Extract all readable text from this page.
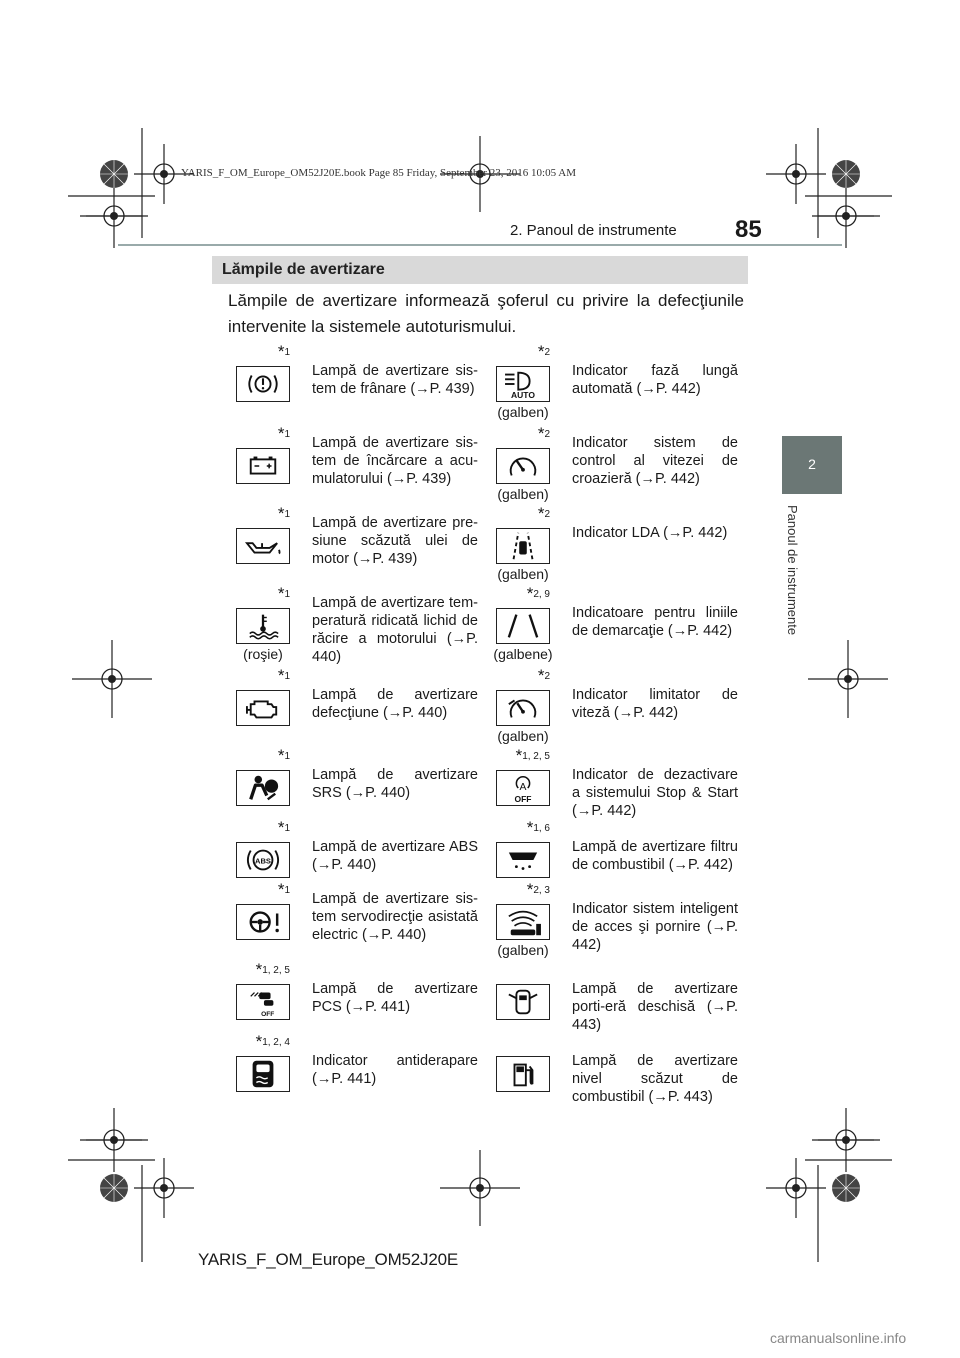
YARIS_F_OM_Europe_OM52J20E.book Page 85 Friday, September 23, 2016 10:05 AM
2. Panoul de instrumente 85
2
Panoul de instrumente
Lămpile de avertizare
Lămpile de avertizare informează şoferul cu privire la defecţiunile intervenite la sistemele autoturismului.
$*_1$
Lampă de avertizare sis-tem de frânare (→P. 439)
$*_1$
Lampă de avertizare sis-tem de încărcare a acu-mulatorului (→P. 439)
$*_1$
Lampă de avertizare pre-siune scăzută ulei de motor (→P. 439)
$*_1$
(roşie)
Lampă de avertizare tem-peratură ridicată lichid de răcire a motorului (→P. 440)
$*_1$
Lampă de avertizare defecţiune (→P. 440)
$*_1$
Lampă de avertizare SRS (→P. 440)
ABS
$*_1$
Lampă de avertizare ABS (→P. 440)
$*_1$
Lampă de avertizare sis-tem servodirecţie asistată electric (→P. 440)
OFF
$*_{1, 2, 5}$
Lampă de avertizare PCS (→P. 441)
$*_{1, 2, 4}$
Indicator antiderapare (→P. 441)
AUTO
$*_2$
(galben)
Indicator fază lungă automată (→P. 442)
$*_2$
(galben)
Indicator sistem de control al vitezei de croazieră (→P. 442)
$*_2$
(galben)
Indicator LDA (→P. 442)
$*_{2, 9}$
(galbene)
Indicatoare pentru liniile de demarcaţie (→P. 442)
$*_2$
(galben)
Indicator limitator de viteză (→P. 442)
A
OFF
$*_{1, 2, 5}$
Indicator de dezactivare a sistemului Stop & Start (→P. 442)
$*_{1, 6}$
Lampă de avertizare filtru de combustibil (→P. 442)
$*_{2, 3}$
(galben)
Indicator sistem inteligent de acces şi pornire (→P. 442)
Lampă de avertizare porti-eră deschisă (→P. 443)
Lampă de avertizare nivel scăzut de combustibil (→P. 443)
YARIS_F_OM_Europe_OM52J20E
carmanualsonline.info
